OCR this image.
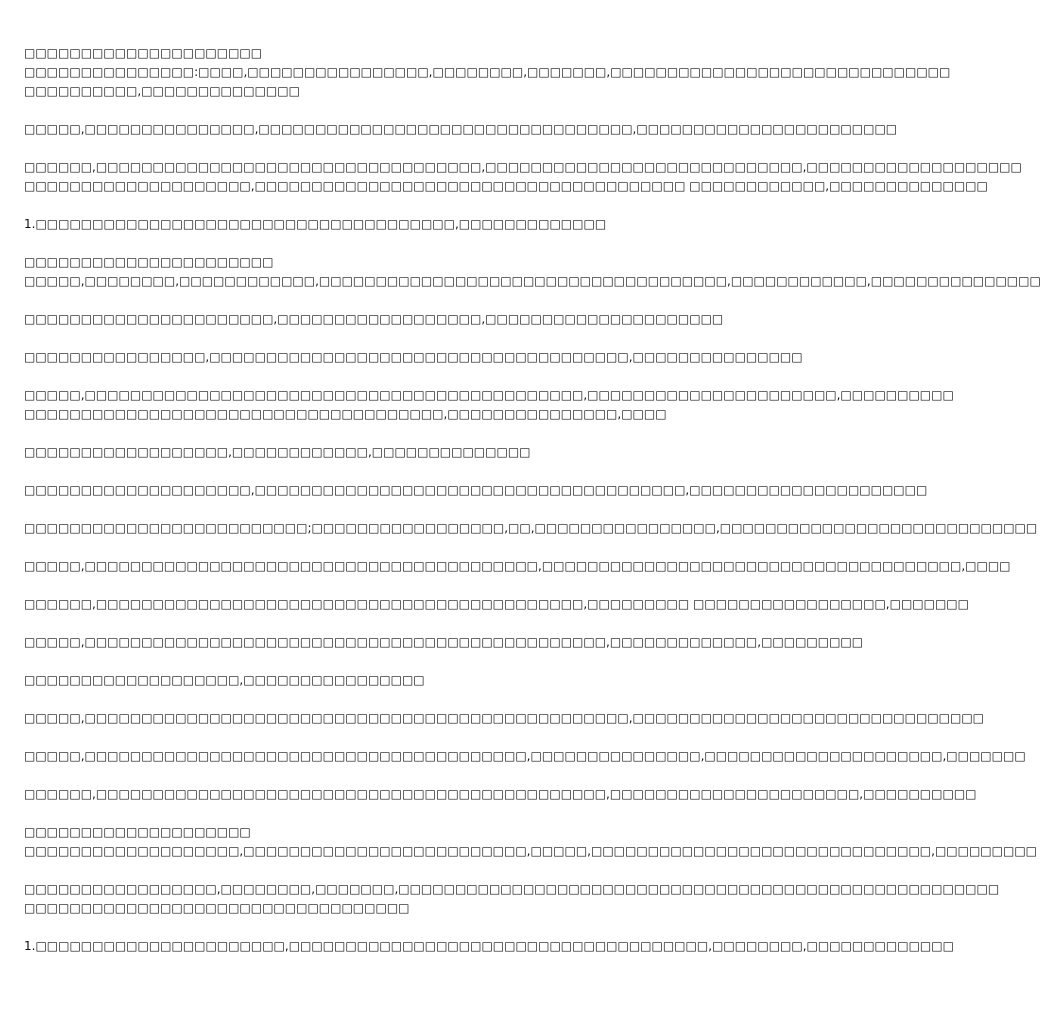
□□□□□□□□□□□□□□□□□□□□□
□□□□□□□□□□□□□□□:□□□□,□□□□□□□□□□□□□□□□,□□□□□□□□,□□□□□□□,□□□□□□□□□□□□□□□□□□□□□□□□□□□□□□
□□□□□□□□□□,□□□□□□□□□□□□□□
□□□□□,□□□□□□□□□□□□□□□,□□□□□□□□□□□□□□□□□□□□□□□□□□□□□□□□□,□□□□□□□□□□□□□□□□□□□□□□□
□□□□□□,□□□□□□□□□□□□□□□□□□□□□□□□□□□□□□□□□□,□□□□□□□□□□□□□□□□□□□□□□□□□□□□,□□□□□□□□□□□□□□□□□□□
□□□□□□□□□□□□□□□□□□□□,□□□□□□□□□□□□□□□□□□□□□□□□□□□□□□□□□□□□□□ □□□□□□□□□□□□,□□□□□□□□□□□□□□
1.□□□□□□□□□□□□□□□□□□□□□□□□□□□□□□□□□□□□□,□□□□□□□□□□□□□
□□□□□□□□□□□□□□□□□□□□□□
□□□□□,□□□□□□□□,□□□□□□□□□□□□,□□□□□□□□□□□□□□□□□□□□□□□□□□□□□□□□□□□□,□□□□□□□□□□□□,□□□□□□□□□□□□□□□
□□□□□□□□□□□□□□□□□□□□□□,□□□□□□□□□□□□□□□□□□,□□□□□□□□□□□□□□□□□□□□□
□□□□□□□□□□□□□□□□,□□□□□□□□□□□□□□□□□□□□□□□□□□□□□□□□□□□□□,□□□□□□□□□□□□□□□
□□□□□,□□□□□□□□□□□□□□□□□□□□□□□□□□□□□□□□□□□□□□□□□□□□,□□□□□□□□□□□□□□□□□□□□□□,□□□□□□□□□□
□□□□□□□□□□□□□□□□□□□□□□□□□□□□□□□□□□□□□,□□□□□□□□□□□□□□□,□□□□
□□□□□□□□□□□□□□□□□□,□□□□□□□□□□□□,□□□□□□□□□□□□□□
□□□□□□□□□□□□□□□□□□□□,□□□□□□□□□□□□□□□□□□□□□□□□□□□□□□□□□□□□□□,□□□□□□□□□□□□□□□□□□□□□
□□□□□□□□□□□□□□□□□□□□□□□□□;□□□□□□□□□□□□□□□□□,□□,□□□□□□□□□□□□□□□□,□□□□□□□□□□□□□□□□□□□□□□□□□□□□
□□□□□,□□□□□□□□□□□□□□□□□□□□□□□□□□□□□□□□□□□□□□□□,□□□□□□□□□□□□□□□□□□□□□□□□□□□□□□□□□□□□□,□□□□
□□□□□□,□□□□□□□□□□□□□□□□□□□□□□□□□□□□□□□□□□□□□□□□□□□,□□□□□□□□□ □□□□□□□□□□□□□□□□□,□□□□□□□
□□□□□,□□□□□□□□□□□□□□□□□□□□□□□□□□□□□□□□□□□□□□□□□□□□□□,□□□□□□□□□□□□□,□□□□□□□□□
□□□□□□□□□□□□□□□□□□□,□□□□□□□□□□□□□□□□
□□□□□,□□□□□□□□□□□□□□□□□□□□□□□□□□□□□□□□□□□□□□□□□□□□□□□□,□□□□□□□□□□□□□□□□□□□□□□□□□□□□□□□
□□□□□,□□□□□□□□□□□□□□□□□□□□□□□□□□□□□□□□□□□□□□□,□□□□□□□□□□□□□□□,□□□□□□□□□□□□□□□□□□□□□,□□□□□□□
□□□□□□,□□□□□□□□□□□□□□□□□□□□□□□□□□□□□□□□□□□□□□□□□□□□□,□□□□□□□□□□□□□□□□□□□□□□,□□□□□□□□□□
□□□□□□□□□□□□□□□□□□□□
□□□□□□□□□□□□□□□□□□□,□□□□□□□□□□□□□□□□□□□□□□□□□,□□□□□,□□□□□□□□□□□□□□□□□□□□□□□□□□□□□□,□□□□□□□□□
□□□□□□□□□□□□□□□□□,□□□□□□□□,□□□□□□□,□□□□□□□□□□□□□□□□□□□□□□□□□□□□□□□□□□□□□□□□□□□□□□□□□□□□□
□□□□□□□□□□□□□□□□□□□□□□□□□□□□□□□□□□
1.□□□□□□□□□□□□□□□□□□□□□□,□□□□□□□□□□□□□□□□□□□□□□□□□□□□□□□□□□□□□,□□□□□□□□,□□□□□□□□□□□□□
